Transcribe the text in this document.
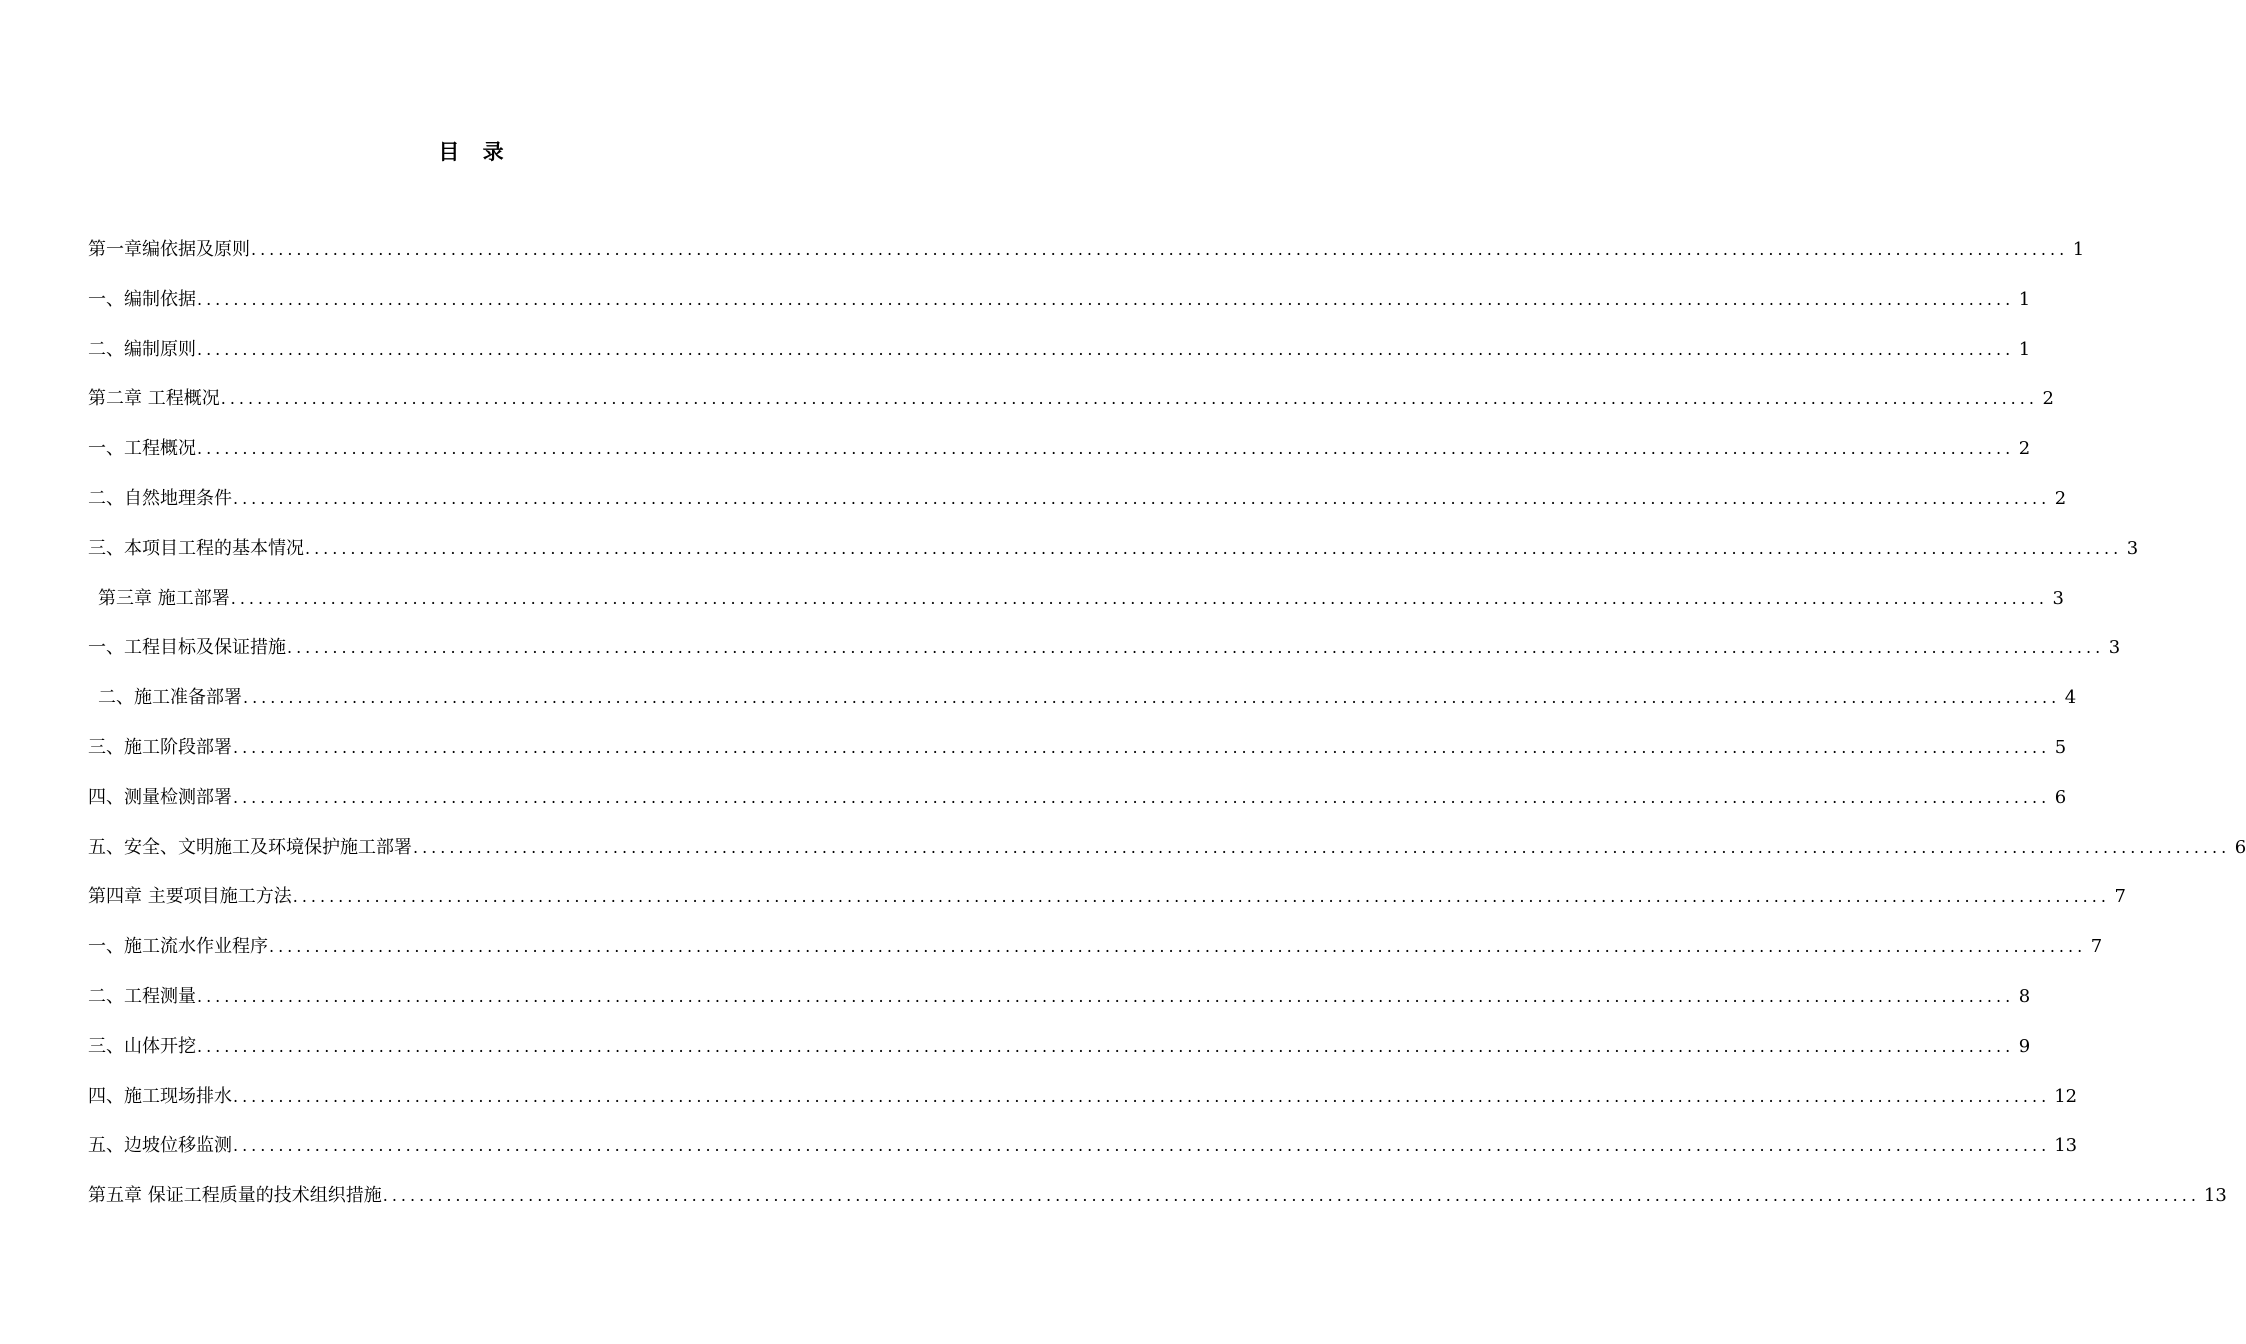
目 录
第一章编依据及原则 ........................................................................................................................................................................................................ 1
一、编制依据 ........................................................................................................................................................................................................ 1
二、编制原则 ........................................................................................................................................................................................................ 1
第二章 工程概况 ........................................................................................................................................................................................................ 2
一、工程概况 ........................................................................................................................................................................................................ 2
二、自然地理条件 ........................................................................................................................................................................................................ 2
三、本项目工程的基本情况 ........................................................................................................................................................................................................ 3
第三章 施工部署 ........................................................................................................................................................................................................ 3
一、工程目标及保证措施 ........................................................................................................................................................................................................ 3
二、施工准备部署 ........................................................................................................................................................................................................ 4
三、施工阶段部署 ........................................................................................................................................................................................................ 5
四、测量检测部署 ........................................................................................................................................................................................................ 6
五、安全、文明施工及环境保护施工部署 ........................................................................................................................................................................................................ 6
第四章 主要项目施工方法 ........................................................................................................................................................................................................ 7
一、施工流水作业程序 ........................................................................................................................................................................................................ 7
二、工程测量 ........................................................................................................................................................................................................ 8
三、山体开挖 ........................................................................................................................................................................................................ 9
四、施工现场排水 ........................................................................................................................................................................................................ 12
五、边坡位移监测 ........................................................................................................................................................................................................ 13
第五章 保证工程质量的技术组织措施 ........................................................................................................................................................................................................ 13
